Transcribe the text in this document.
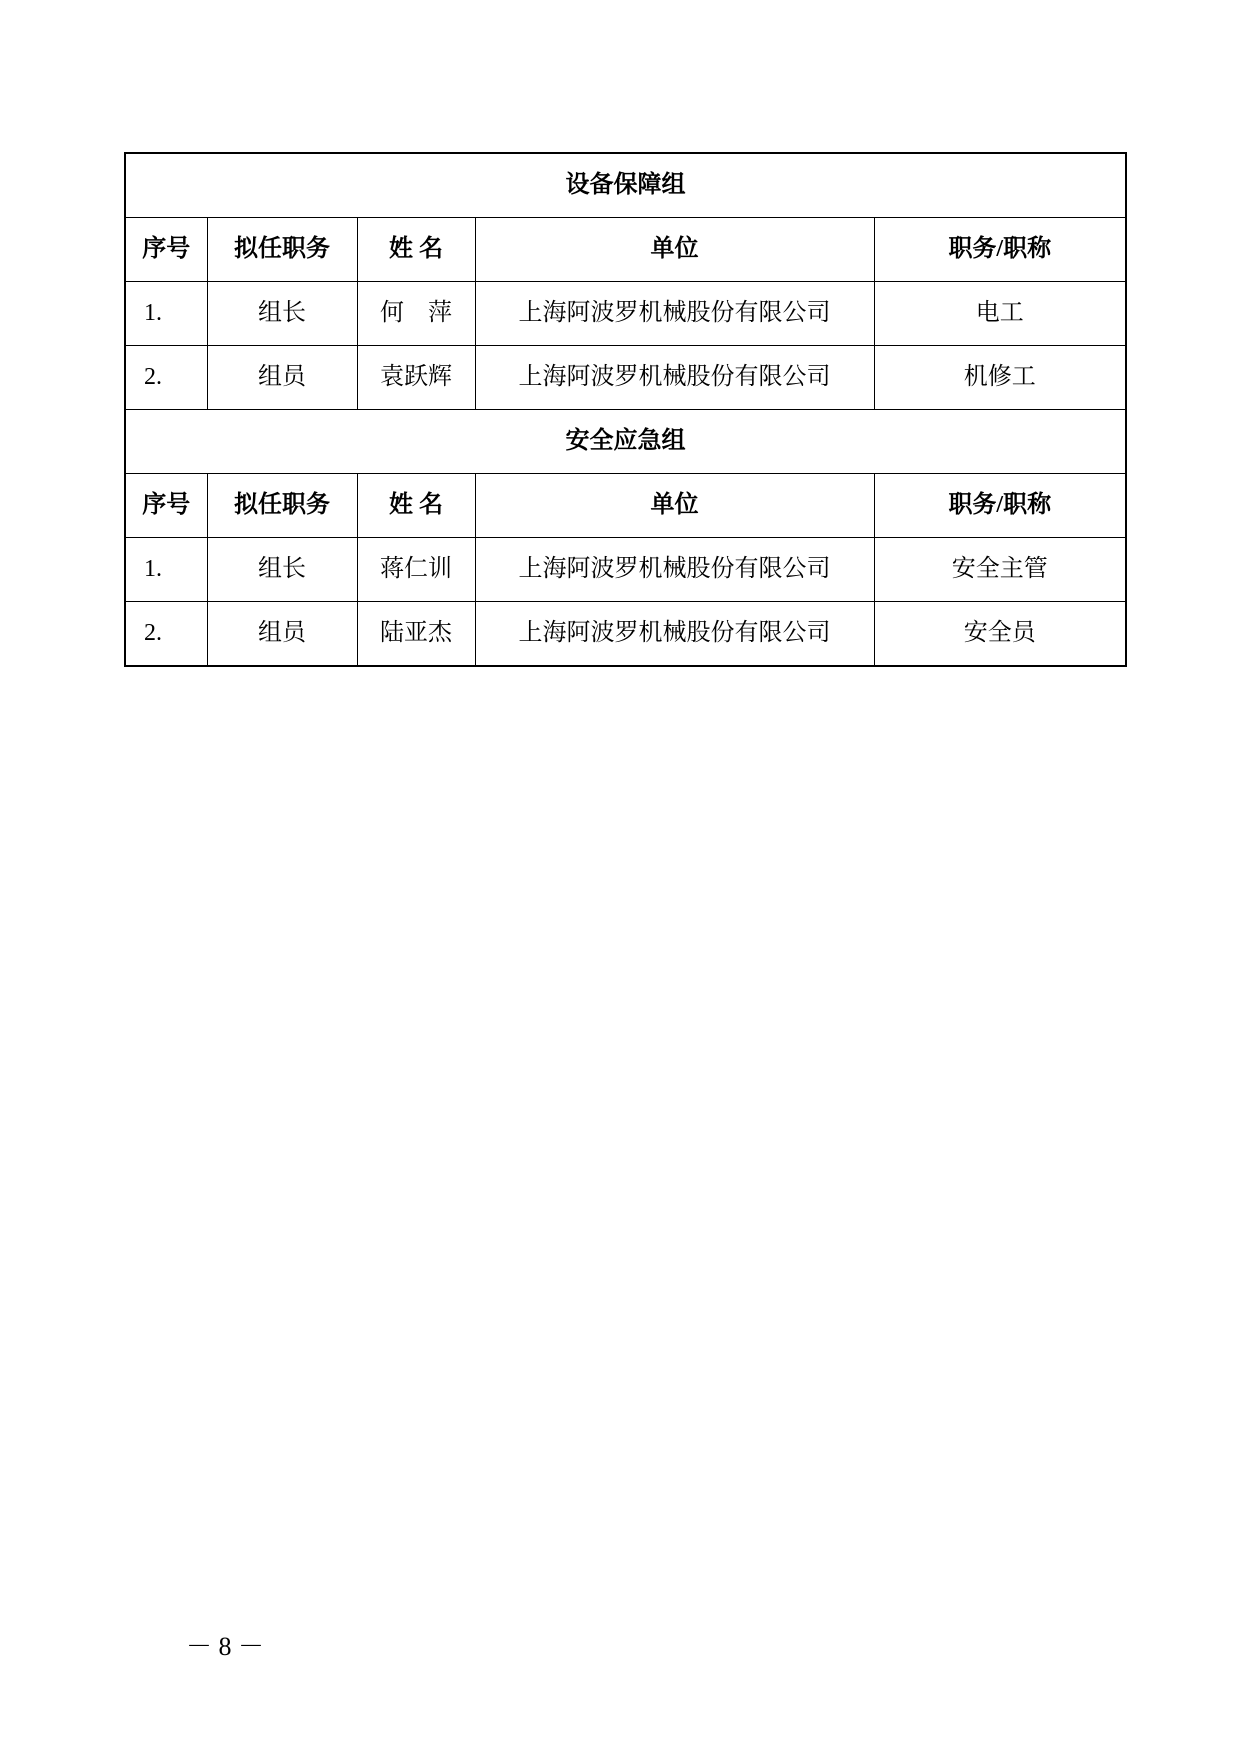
设备保障组				
序号	拟任职务	姓 名	单位	职务/职称
1.	组长	何　萍	上海阿波罗机械股份有限公司	电工
2.	组员	袁跃辉	上海阿波罗机械股份有限公司	机修工
安全应急组				
序号	拟任职务	姓 名	单位	职务/职称
1.	组长	蒋仁训	上海阿波罗机械股份有限公司	安全主管
2.	组员	陆亚杰	上海阿波罗机械股份有限公司	安全员
－ 8 －
